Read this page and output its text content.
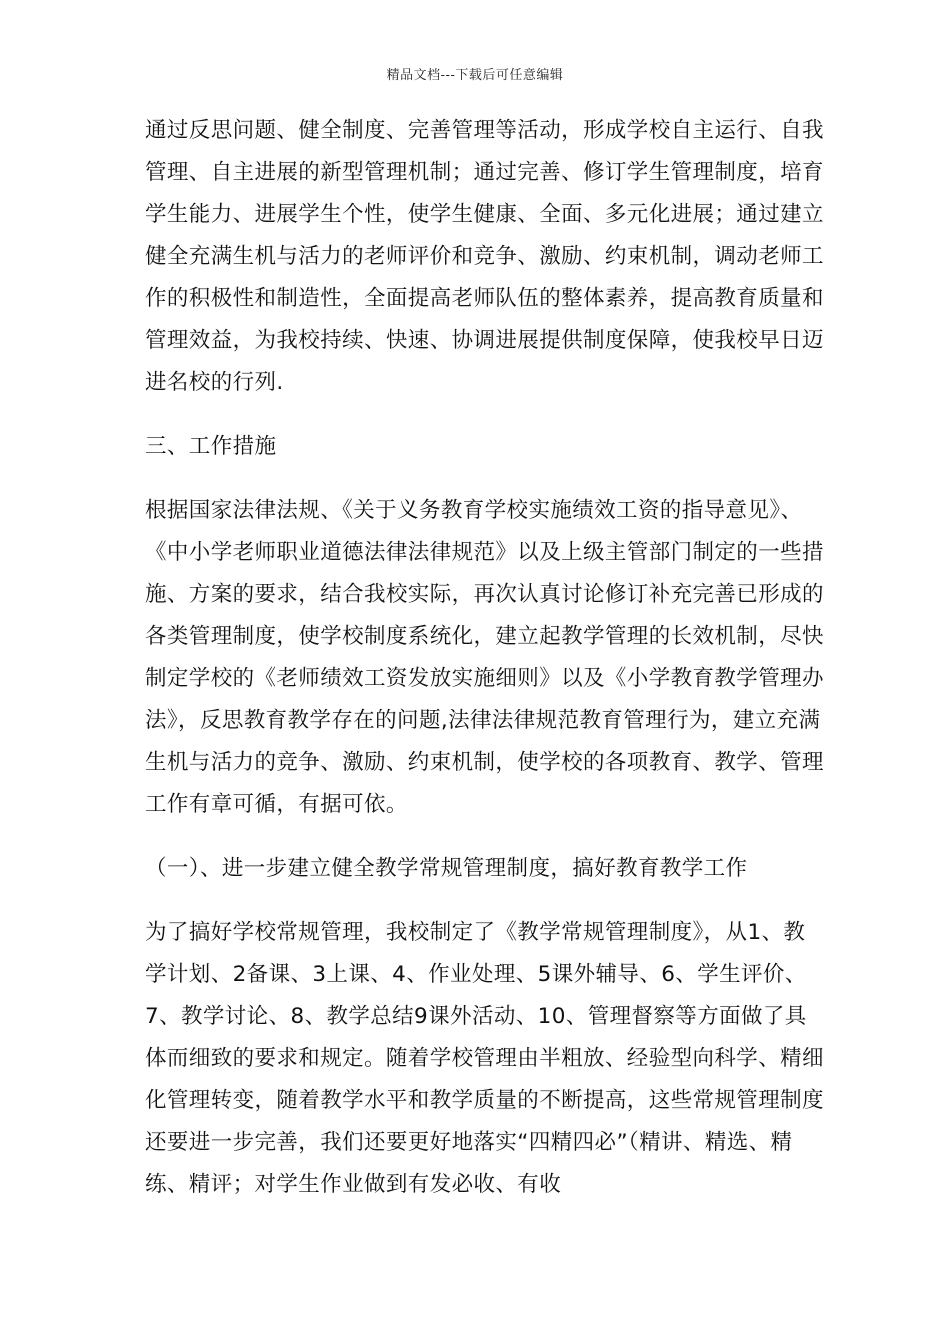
精品文档---下载后可任意编辑

通过反思问题、健全制度、完善管理等活动，形成学校自主运行、自我管理、自主进展的新型管理机制；通过完善、修订学生管理制度，培育学生能力、进展学生个性，使学生健康、全面、多元化进展；通过建立健全充满生机与活力的老师评价和竞争、激励、约束机制，调动老师工作的积极性和制造性，全面提高老师队伍的整体素养，提高教育质量和管理效益，为我校持续、快速、协调进展提供制度保障，使我校早日迈进名校的行列.

三、工作措施

根据国家法律法规、《关于义务教育学校实施绩效工资的指导意见》、《中小学老师职业道德法律法律规范》以及上级主管部门制定的一些措施、方案的要求，结合我校实际，再次认真讨论修订补充完善已形成的各类管理制度，使学校制度系统化，建立起教学管理的长效机制，尽快制定学校的《老师绩效工资发放实施细则》以及《小学教育教学管理办法》，反思教育教学存在的问题,法律法律规范教育管理行为，建立充满生机与活力的竞争、激励、约束机制，使学校的各项教育、教学、管理工作有章可循，有据可依。

（一）、进一步建立健全教学常规管理制度，搞好教育教学工作

为了搞好学校常规管理，我校制定了《教学常规管理制度》，从1、教学计划、2备课、3上课、4、作业处理、5课外辅导、6、学生评价、7、教学讨论、8、教学总结9课外活动、10、管理督察等方面做了具体而细致的要求和规定。随着学校管理由半粗放、经验型向科学、精细化管理转变，随着教学水平和教学质量的不断提高，这些常规管理制度还要进一步完善，我们还要更好地落实“四精四必”（精讲、精选、精练、精评；对学生作业做到有发必收、有收
